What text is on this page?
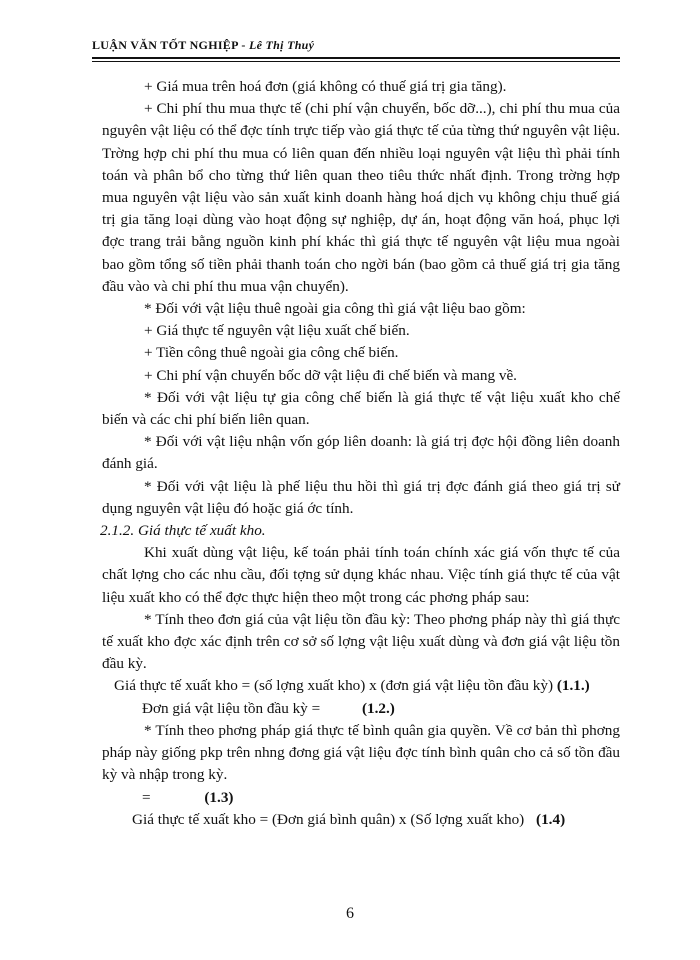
LUẬN VĂN TỐT NGHIỆP - Lê Thị Thuý

+ Giá mua trên hoá đơn (giá không có thuế giá trị gia tăng).

+ Chi phí thu mua thực tế (chi phí vận chuyển, bốc dỡ...), chi phí thu mua của nguyên vật liệu có thể đợc tính trực tiếp vào giá thực tế của từng thứ nguyên vật liệu. Trờng hợp chi phí thu mua có liên quan đến nhiều loại nguyên vật liệu thì phải tính toán và phân bổ cho từng thứ liên quan theo tiêu thức nhất định. Trong trờng hợp mua nguyên vật liệu vào sản xuất kinh doanh hàng hoá dịch vụ không chịu thuế giá trị gia tăng loại dùng vào hoạt động sự nghiệp, dự án, hoạt động văn hoá, phục lợi đợc trang trải bằng nguồn kinh phí khác thì giá thực tế nguyên vật liệu mua ngoài bao gồm tổng số tiền phải thanh toán cho ngời bán (bao gồm cả thuế giá trị gia tăng đầu vào và chi phí thu mua vận chuyển).

* Đối với vật liệu thuê ngoài gia công thì giá vật liệu bao gồm:

+ Giá thực tế nguyên vật liệu xuất chế biến.

+ Tiền công thuê ngoài gia công chế biến.

+ Chi phí vận chuyển bốc dỡ vật liệu đi chế biến và mang về.

* Đối với vật liệu tự gia công chế biến là giá thực tế vật liệu xuất kho chế biến và các chi phí biến liên quan.

* Đối với vật liệu nhận vốn góp liên doanh: là giá trị đợc hội đồng liên doanh đánh giá.

* Đối với vật liệu là phế liệu thu hồi thì giá trị đợc đánh giá theo giá trị sử dụng nguyên vật liệu đó hoặc giá ớc tính.

2.1.2. Giá thực tế xuất kho.

Khi xuất dùng vật liệu, kế toán phải tính toán chính xác giá vốn thực tế của chất lợng cho các nhu cầu, đối tợng sử dụng khác nhau. Việc tính giá thực tế của vật liệu xuất kho có thể đợc thực hiện theo một trong các phơng pháp sau:

* Tính theo đơn giá của vật liệu tồn đầu kỳ: Theo phơng pháp này thì giá thực tế xuất kho đợc xác định trên cơ sở số lợng vật liệu xuất dùng và đơn giá vật liệu tồn đầu kỳ.

Giá thực tế xuất kho = (số lợng xuất kho) x (đơn giá vật liệu tồn đầu kỳ) (1.1.)

Đơn giá vật liệu tồn đầu kỳ =	(1.2.)

* Tính theo phơng pháp giá thực tế bình quân gia quyền. Về cơ bản thì phơng pháp này giống pkp trên nhng đơng giá vật liệu đợc tính bình quân cho cả số tồn đầu kỳ và nhập trong kỳ.

=	(1.3)

Giá thực tế xuất kho = (Đơn giá bình quân) x (Số lợng xuất kho) (1.4)

6
